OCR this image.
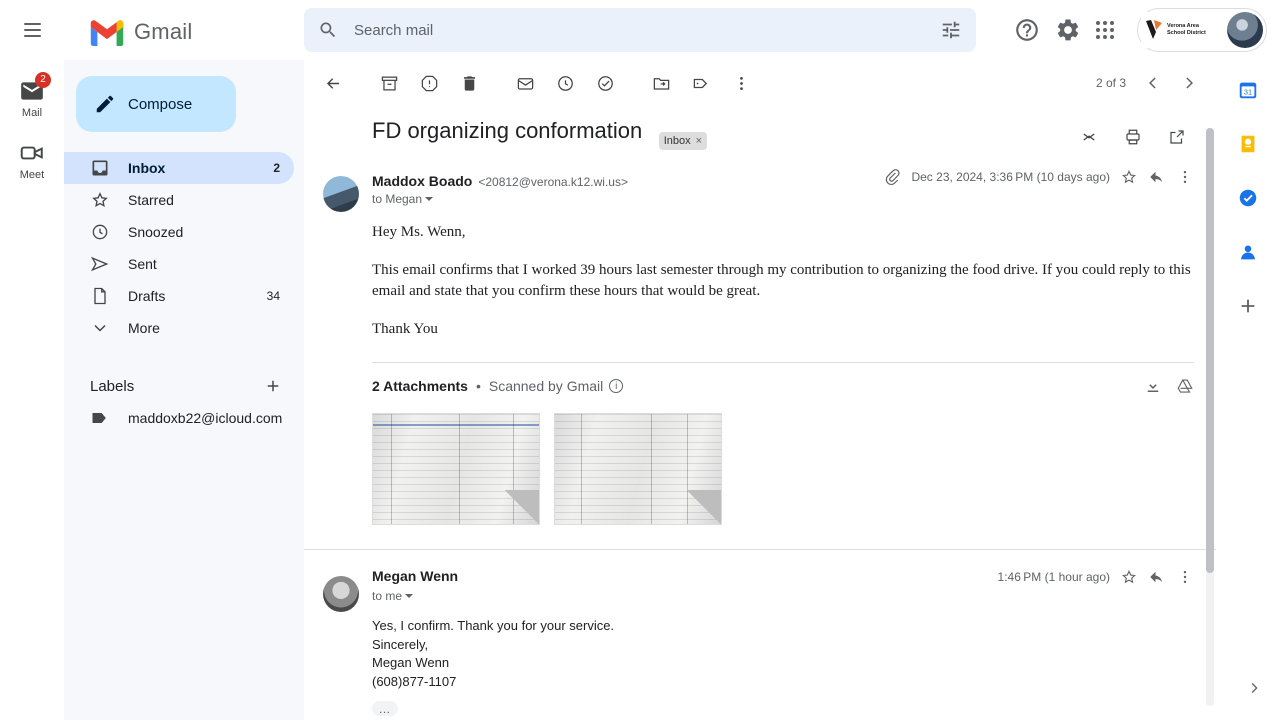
Gmail
Search mail	Verona Area
School District
2
Mail
Meet
Compose
Inbox	2
Starred
Snoozed
Sent
Drafts	34
More
Labels
maddoxb22@icloud.com
2 of 3
FD organizing conformation Inbox ×
Maddox Boado <20812@verona.k12.wi.us>	Dec 23, 2024, 3:36 PM (10 days ago)
to Megan

Hey Ms. Wenn,

This email confirms that I worked 39 hours last semester through my contribution to organizing the food drive. If you could reply to this email and state that you confirm these hours that would be great.

Thank You

2 Attachments • Scanned by Gmail	i
Megan Wenn	1:46 PM (1 hour ago)
to me
Yes, I confirm. Thank you for your service.
Sincerely,
Megan Wenn
(608)877-1107
…
31
